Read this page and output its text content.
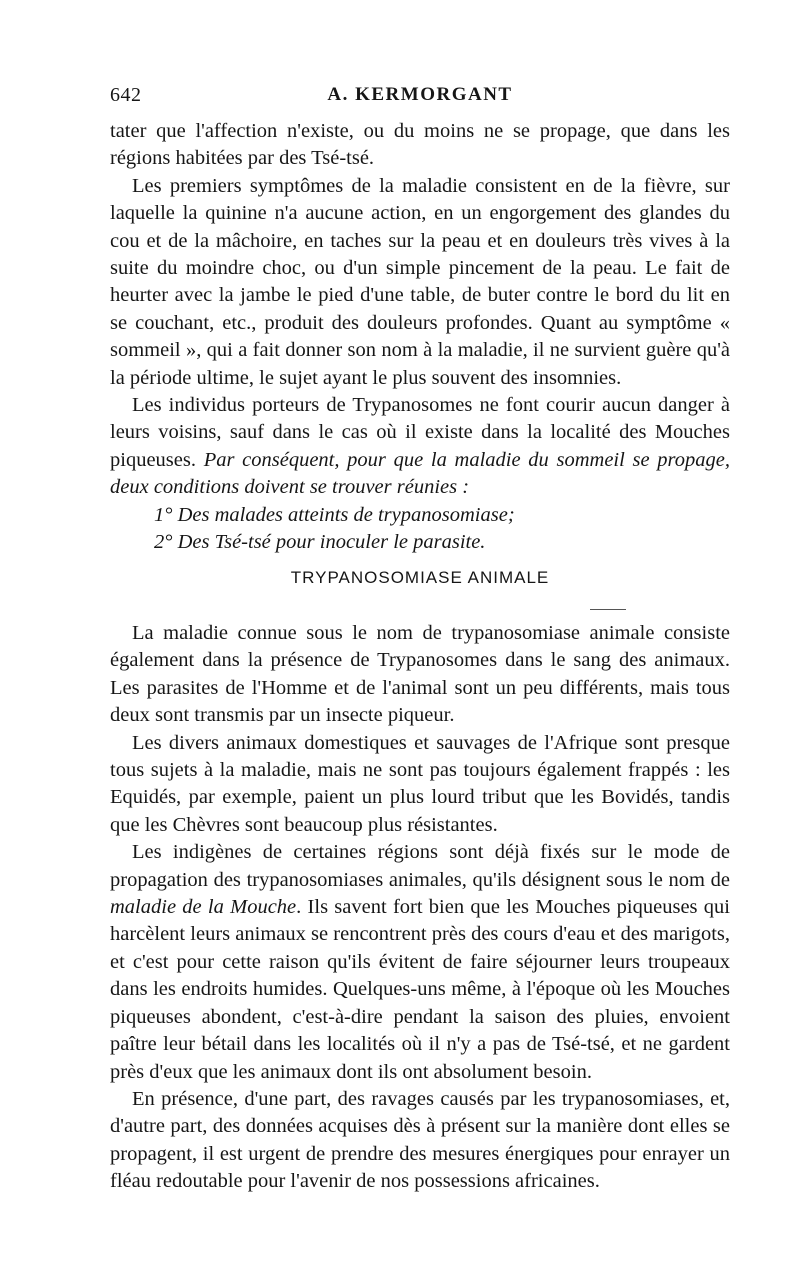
642	A. KERMORGANT

tater que l'affection n'existe, ou du moins ne se propage, que dans les régions habitées par des Tsé-tsé.

Les premiers symptômes de la maladie consistent en de la fièvre, sur laquelle la quinine n'a aucune action, en un engorgement des glandes du cou et de la mâchoire, en taches sur la peau et en douleurs très vives à la suite du moindre choc, ou d'un simple pincement de la peau. Le fait de heurter avec la jambe le pied d'une table, de buter contre le bord du lit en se couchant, etc., produit des douleurs profondes. Quant au symptôme « sommeil », qui a fait donner son nom à la maladie, il ne survient guère qu'à la période ultime, le sujet ayant le plus souvent des insomnies.

Les individus porteurs de Trypanosomes ne font courir aucun danger à leurs voisins, sauf dans le cas où il existe dans la localité des Mouches piqueuses. Par conséquent, pour que la maladie du sommeil se propage, deux conditions doivent se trouver réunies :

1° Des malades atteints de trypanosomiase;

2° Des Tsé-tsé pour inoculer le parasite.

TRYPANOSOMIASE ANIMALE

La maladie connue sous le nom de trypanosomiase animale consiste également dans la présence de Trypanosomes dans le sang des animaux. Les parasites de l'Homme et de l'animal sont un peu différents, mais tous deux sont transmis par un insecte piqueur.

Les divers animaux domestiques et sauvages de l'Afrique sont presque tous sujets à la maladie, mais ne sont pas toujours également frappés : les Equidés, par exemple, paient un plus lourd tribut que les Bovidés, tandis que les Chèvres sont beaucoup plus résistantes.

Les indigènes de certaines régions sont déjà fixés sur le mode de propagation des trypanosomiases animales, qu'ils désignent sous le nom de maladie de la Mouche. Ils savent fort bien que les Mouches piqueuses qui harcèlent leurs animaux se rencontrent près des cours d'eau et des marigots, et c'est pour cette raison qu'ils évitent de faire séjourner leurs troupeaux dans les endroits humides. Quelques-uns même, à l'époque où les Mouches piqueuses abondent, c'est-à-dire pendant la saison des pluies, envoient paître leur bétail dans les localités où il n'y a pas de Tsé-tsé, et ne gardent près d'eux que les animaux dont ils ont absolument besoin.

En présence, d'une part, des ravages causés par les trypanosomiases, et, d'autre part, des données acquises dès à présent sur la manière dont elles se propagent, il est urgent de prendre des mesures énergiques pour enrayer un fléau redoutable pour l'avenir de nos possessions africaines.
